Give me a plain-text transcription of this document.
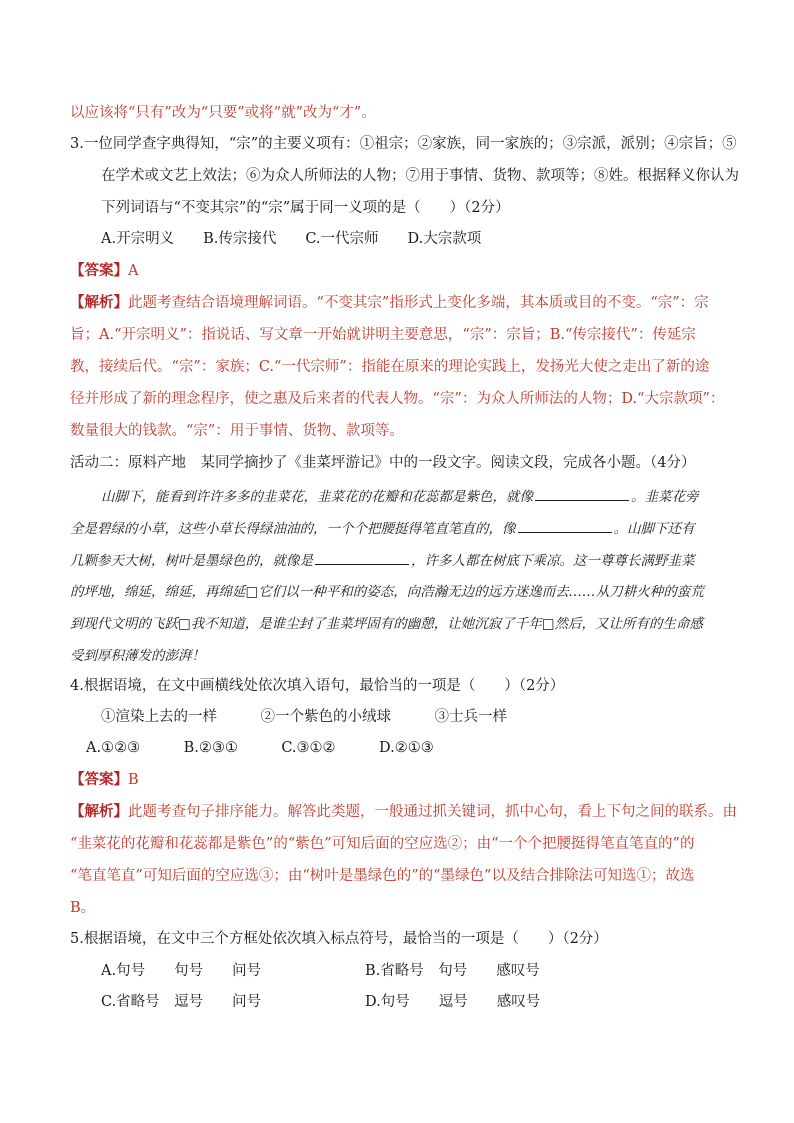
以应该将“只有”改为“只要”或将“就”改为“才”。
3.一位同学查字典得知，“宗”的主要义项有：①祖宗；②家族，同一家族的；③宗派，派别；④宗旨；⑤
在学术或文艺上效法；⑥为众人所师法的人物；⑦用于事情、货物、款项等；⑧姓。根据释义你认为
下列词语与“不变其宗”的“宗”属于同一义项的是（　　）（2分）
A.开宗明义　　B.传宗接代　　C.一代宗师　　D.大宗款项
【答案】A
【解析】此题考查结合语境理解词语。“不变其宗”指形式上变化多端，其本质或目的不变。“宗”：宗
旨；A.“开宗明义”：指说话、写文章一开始就讲明主要意思，“宗”：宗旨；B.“传宗接代”：传延宗
教，接续后代。“宗”：家族；C.“一代宗师”：指能在原来的理论实践上，发扬光大使之走出了新的途
径并形成了新的理念程序，使之惠及后来者的代表人物。“宗”：为众人所师法的人物；D.“大宗款项”：
数量很大的钱款。“宗”：用于事情、货物、款项等。
活动二：原料产地　某同学摘抄了《韭菜坪游记》中的一段文字。阅读文段，完成各小题。（4分）
山脚下，能看到许许多多的韭菜花，韭菜花的花瓣和花蕊都是紫色，就像	。韭菜花旁
全是碧绿的小草，这些小草长得绿油油的，一个个把腰挺得笔直笔直的，像	。山脚下还有
几颗参天大树，树叶是墨绿色的，就像是	，许多人都在树底下乘凉。这一尊尊长满野韭菜
的坪地，绵延，绵延，再绵延□它们以一种平和的姿态，向浩瀚无边的远方迷逸而去……从刀耕火种的蛮荒
到现代文明的飞跃□我不知道，是谁尘封了韭菜坪固有的幽憩，让她沉寂了千年□然后，又让所有的生命感
受到厚积薄发的澎湃！
4.根据语境，在文中画横线处依次填入语句，最恰当的一项是（　　）（2分）
①渲染上去的一样　　　②一个紫色的小绒球　　　③士兵一样
A.①②③　　　B.②③①　　　C.③①②　　　D.②①③
【答案】B
【解析】此题考查句子排序能力。解答此类题，一般通过抓关键词，抓中心句，看上下句之间的联系。由
“韭菜花的花瓣和花蕊都是紫色”的“紫色”可知后面的空应选②；由“一个个把腰挺得笔直笔直的”的
“笔直笔直”可知后面的空应选③；由“树叶是墨绿色的”的“墨绿色”以及结合排除法可知选①；故选
B。
5.根据语境，在文中三个方框处依次填入标点符号，最恰当的一项是（　　）（2分）
A.句号　　句号　　问号	B.省略号　句号　　感叹号
C.省略号　逗号　　问号	D.句号　　逗号　　感叹号
